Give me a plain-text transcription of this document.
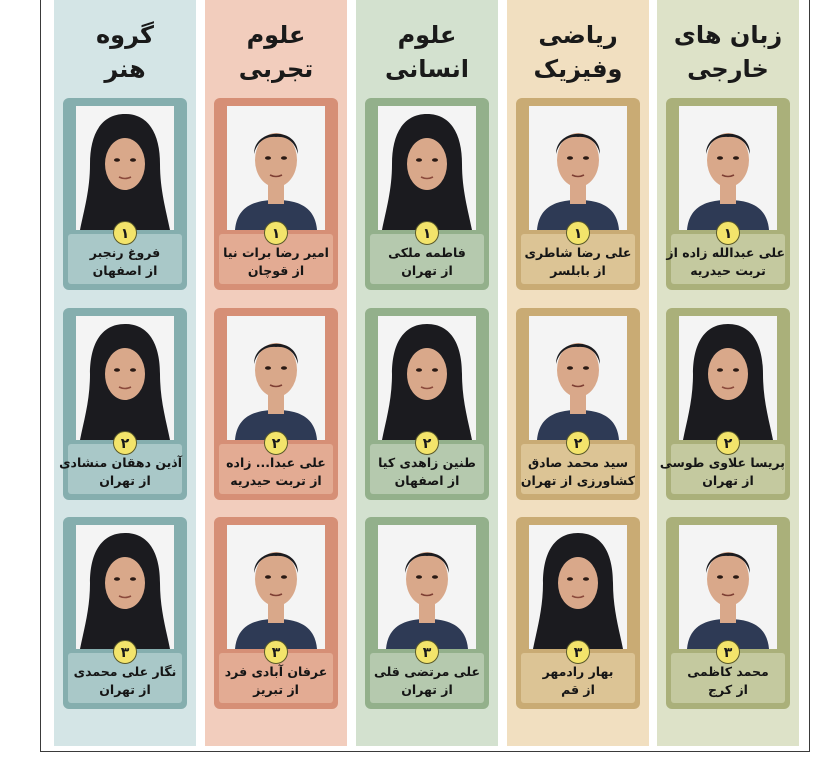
زبان های
خارجی
۱
علی عبدالله زاده از
تربت حیدریه
۲
پریسا علاوی طوسی
از تهران
۳
محمد کاظمی
از کرج
ریاضی
وفیزیک
۱
علی رضا شاطری
از بابلسر
۲
سید محمد صادق
کشاورزی از تهران
۳
بهار رادمهر
از قم
علوم
انسانی
۱
فاطمه ملکی
از تهران
۲
طنین زاهدی کیا
از اصفهان
۳
علی مرتضی قلی
از تهران
علوم
تجربی
۱
امیر رضا برات نیا
از قوچان
۲
علی عبدا... زاده
از تربت حیدریه
۳
عرفان آبادی فرد
از تبریز
گروه
هنر
۱
فروغ رنجبر
از اصفهان
۲
آذین دهقان منشادی
از تهران
۳
نگار علی محمدی
از تهران
